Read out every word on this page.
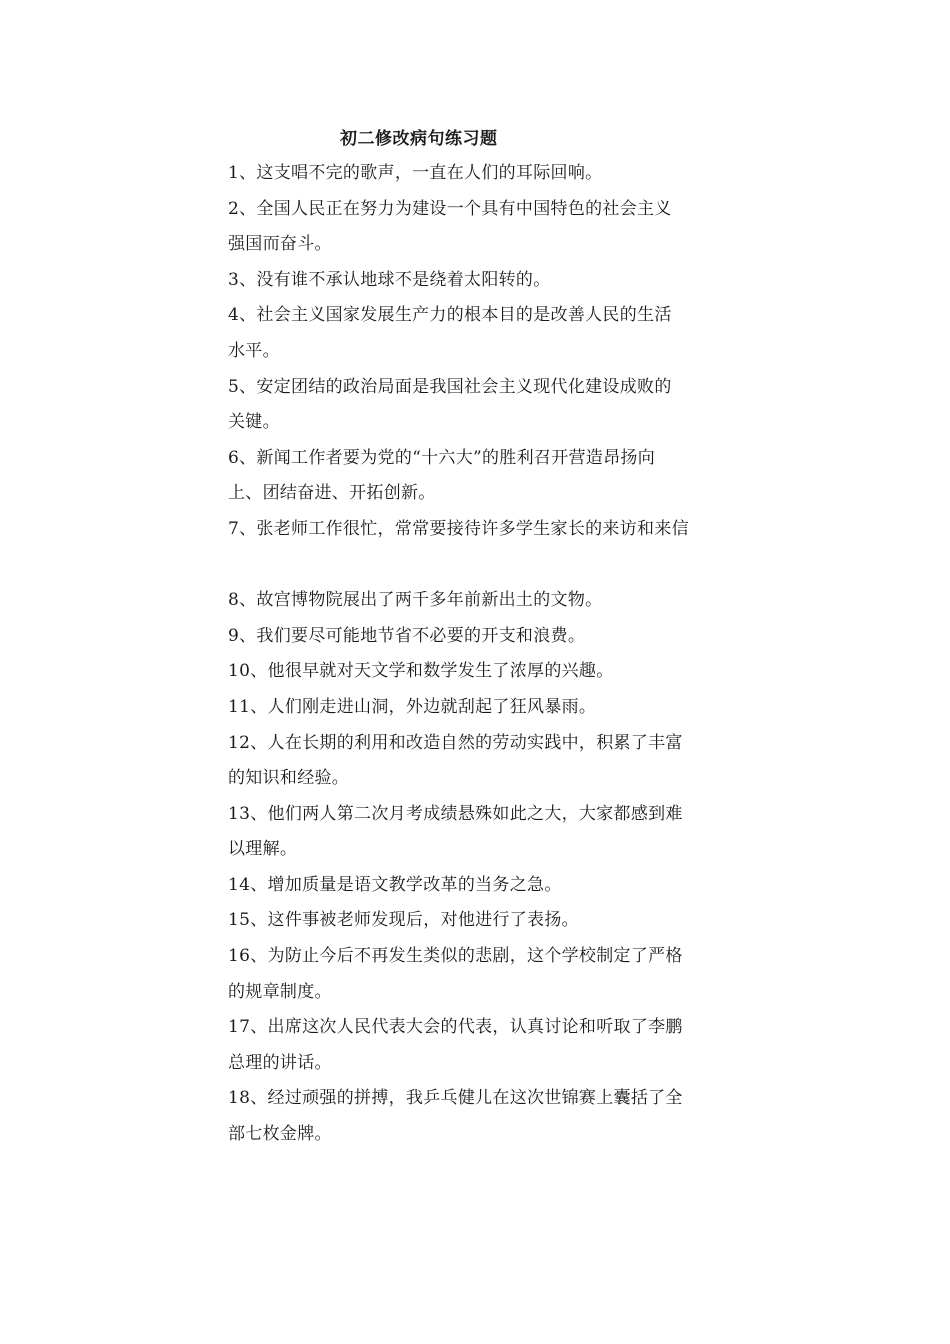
初二修改病句练习题
1、这支唱不完的歌声，一直在人们的耳际回响。
2、全国人民正在努力为建设一个具有中国特色的社会主义
强国而奋斗。
3、没有谁不承认地球不是绕着太阳转的。
4、社会主义国家发展生产力的根本目的是改善人民的生活
水平。
5、安定团结的政治局面是我国社会主义现代化建设成败的
关键。
6、新闻工作者要为党的“十六大”的胜利召开营造昂扬向
上、团结奋进、开拓创新。
7、张老师工作很忙，常常要接待许多学生家长的来访和来信
8、故宫博物院展出了两千多年前新出土的文物。
9、我们要尽可能地节省不必要的开支和浪费。
10、他很早就对天文学和数学发生了浓厚的兴趣。
11、人们刚走进山洞，外边就刮起了狂风暴雨。
12、人在长期的利用和改造自然的劳动实践中，积累了丰富
的知识和经验。
13、他们两人第二次月考成绩悬殊如此之大，大家都感到难
以理解。
14、增加质量是语文教学改革的当务之急。
15、这件事被老师发现后，对他进行了表扬。
16、为防止今后不再发生类似的悲剧，这个学校制定了严格
的规章制度。
17、出席这次人民代表大会的代表，认真讨论和听取了李鹏
总理的讲话。
18、经过顽强的拼搏，我乒乓健儿在这次世锦赛上囊括了全
部七枚金牌。
